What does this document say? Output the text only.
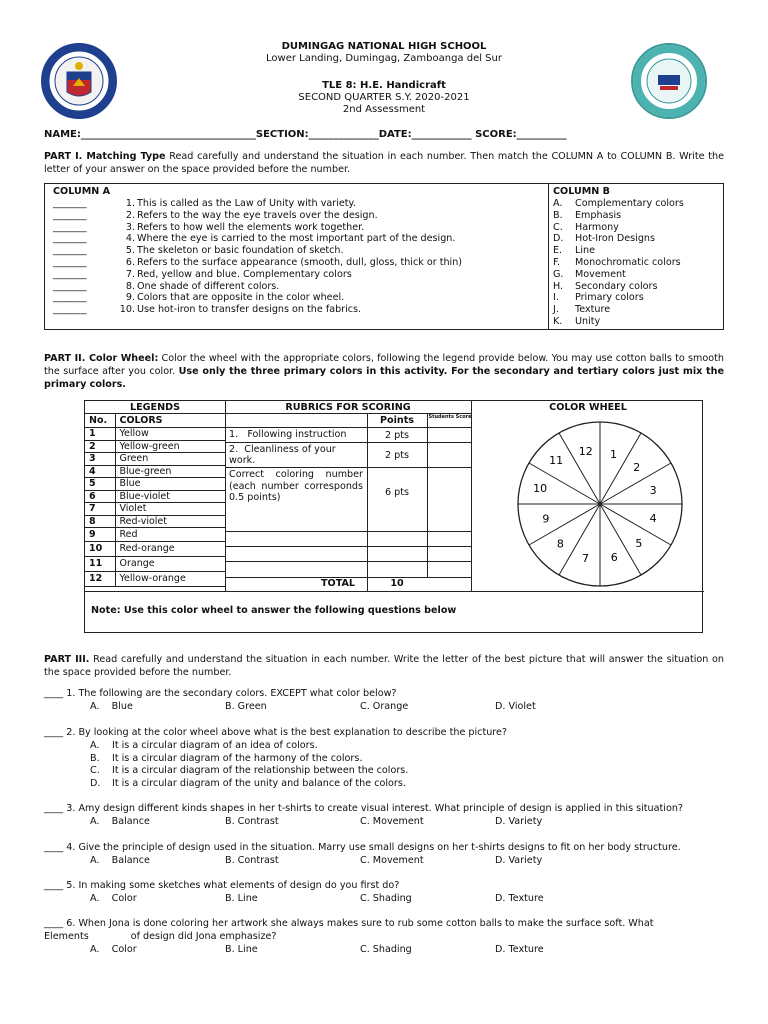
DUMINGAG NATIONAL HIGH SCHOOL
Lower Landing, Dumingag, Zamboanga del Sur
TLE 8: H.E. Handicraft
SECOND QUARTER S.Y. 2020-2021
2nd Assessment
NAME:___________________________________SECTION:______________DATE:____________ SCORE:__________
PART I. Matching Type Read carefully and understand the situation in each number. Then match the COLUMN A to COLUMN B. Write the letter of your answer on the space provided before the number.
COLUMN A	COLUMN B
_______	1. This is called as the Law of Unity with variety.
_______	2. Refers to the way the eye travels over the design.
_______	3. Refers to how well the elements work together.
_______	4. Where the eye is carried to the most important part of the design.
_______	5. The skeleton or basic foundation of sketch.
_______	6. Refers to the surface appearance (smooth, dull, gloss, thick or thin)
_______	7. Red, yellow and blue. Complementary colors
_______	8. One shade of different colors.
_______	9. Colors that are opposite in the color wheel.
_______	10. Use hot-iron to transfer designs on the fabrics.
A. Complementary colors
B. Emphasis
C. Harmony
D. Hot-Iron Designs
E. Line
F. Monochromatic colors
G. Movement
H. Secondary colors
I. Primary colors
J. Texture
K. Unity
PART II. Color Wheel: Color the wheel with the appropriate colors, following the legend provide below. You may use cotton balls to smooth the surface after you color. Use only the three primary colors in this activity. For the secondary and tertiary colors just mix the primary colors.
LEGENDS	RUBRICS FOR SCORING	COLOR WHEEL
No.	COLORS
1	Yellow
2	Yellow-green
3	Green
4	Blue-green
5	Blue
6	Blue-violet
7	Violet
8	Red-violet
9	Red
10	Red-orange
11	Orange
12	Yellow-orange
Points	Students Score
1. Following instruction	2 pts
2. Cleanliness of your work.	2 pts
Correct coloring number (each number corresponds 0.5 points)	6 pts
TOTAL	10
1
2
3
4
5
6
7
8
9
10
11
12
Note: Use this color wheel to answer the following questions below
PART III. Read carefully and understand the situation in each number. Write the letter of the best picture that will answer the situation on the space provided before the number.
____ 1. The following are the secondary colors. EXCEPT what color below?
A. Blue	B. Green	C. Orange	D. Violet
____ 2. By looking at the color wheel above what is the best explanation to describe the picture?
A. It is a circular diagram of an idea of colors.
B. It is a circular diagram of the harmony of the colors.
C. It is a circular diagram of the relationship between the colors.
D. It is a circular diagram of the unity and balance of the colors.
____ 3. Amy design different kinds shapes in her t-shirts to create visual interest. What principle of design is applied in this situation?
A. Balance	B. Contrast	C. Movement	D. Variety
____ 4. Give the principle of design used in the situation. Marry use small designs on her t-shirts designs to fit on her body structure.
A. Balance	B. Contrast	C. Movement	D. Variety
____ 5. In making some sketches what elements of design do you first do?
A. Color	B. Line	C. Shading	D. Texture
____ 6. When Jona is done coloring her artwork she always makes sure to rub some cotton balls to make the surface soft. What
Elements	of design did Jona emphasize?
A. Color	B. Line	C. Shading	D. Texture
